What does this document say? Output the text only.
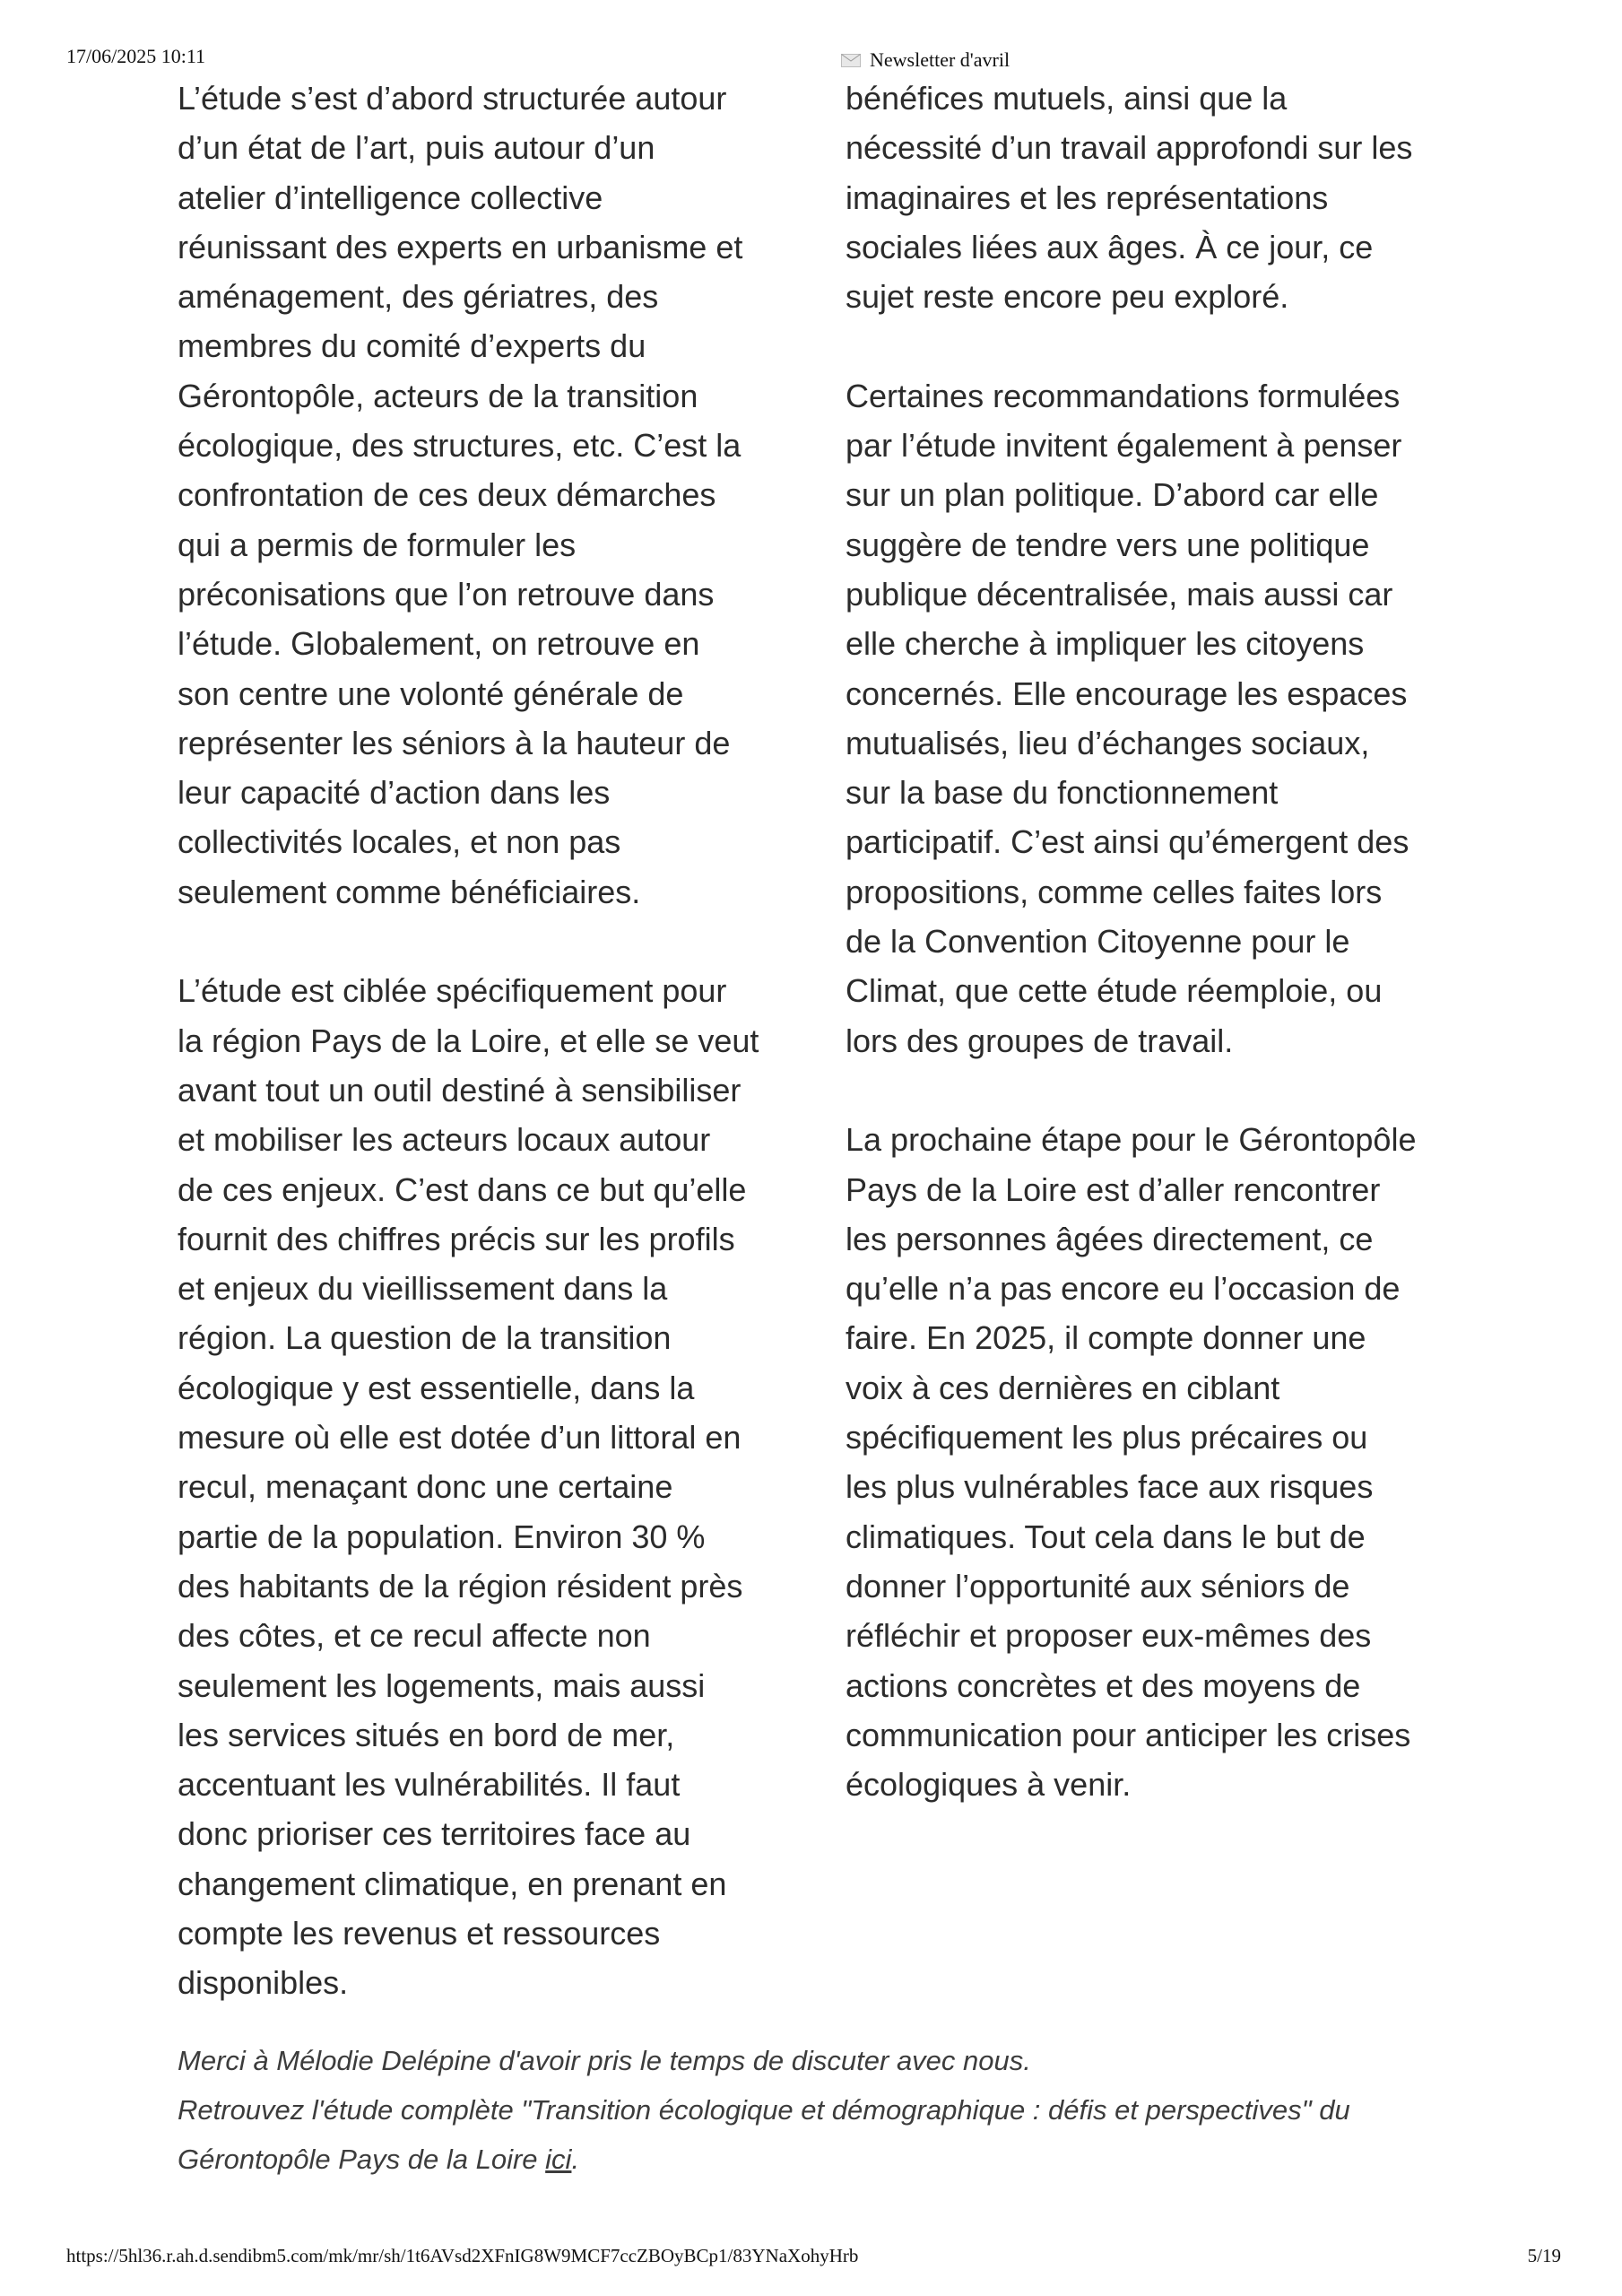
17/06/2025 10:11	Newsletter d'avril
L’étude s’est d’abord structurée autour
d’un état de l’art, puis autour d’un
atelier d’intelligence collective
réunissant des experts en urbanisme et
aménagement, des gériatres, des
membres du comité d’experts du
Gérontopôle, acteurs de la transition
écologique, des structures, etc. C’est la
confrontation de ces deux démarches
qui a permis de formuler les
préconisations que l’on retrouve dans
l’étude. Globalement, on retrouve en
son centre une volonté générale de
représenter les séniors à la hauteur de
leur capacité d’action dans les
collectivités locales, et non pas
seulement comme bénéficiaires.
L’étude est ciblée spécifiquement pour
la région Pays de la Loire, et elle se veut
avant tout un outil destiné à sensibiliser
et mobiliser les acteurs locaux autour
de ces enjeux. C’est dans ce but qu’elle
fournit des chiffres précis sur les profils
et enjeux du vieillissement dans la
région. La question de la transition
écologique y est essentielle, dans la
mesure où elle est dotée d’un littoral en
recul, menaçant donc une certaine
partie de la population. Environ 30 %
des habitants de la région résident près
des côtes, et ce recul affecte non
seulement les logements, mais aussi
les services situés en bord de mer,
accentuant les vulnérabilités. Il faut
donc prioriser ces territoires face au
changement climatique, en prenant en
compte les revenus et ressources
disponibles.
bénéfices mutuels, ainsi que la
nécessité d’un travail approfondi sur les
imaginaires et les représentations
sociales liées aux âges. À ce jour, ce
sujet reste encore peu exploré.
Certaines recommandations formulées
par l’étude invitent également à penser
sur un plan politique. D’abord car elle
suggère de tendre vers une politique
publique décentralisée, mais aussi car
elle cherche à impliquer les citoyens
concernés. Elle encourage les espaces
mutualisés, lieu d’échanges sociaux,
sur la base du fonctionnement
participatif. C’est ainsi qu’émergent des
propositions, comme celles faites lors
de la Convention Citoyenne pour le
Climat, que cette étude réemploie, ou
lors des groupes de travail.
La prochaine étape pour le Gérontopôle
Pays de la Loire est d’aller rencontrer
les personnes âgées directement, ce
qu’elle n’a pas encore eu l’occasion de
faire. En 2025, il compte donner une
voix à ces dernières en ciblant
spécifiquement les plus précaires ou
les plus vulnérables face aux risques
climatiques. Tout cela dans le but de
donner l’opportunité aux séniors de
réfléchir et proposer eux-mêmes des
actions concrètes et des moyens de
communication pour anticiper les crises
écologiques à venir.
Merci à Mélodie Delépine d'avoir pris le temps de discuter avec nous.
Retrouvez l'étude complète "Transition écologique et démographique : défis et perspectives" du
Gérontopôle Pays de la Loire ici.
https://5hl36.r.ah.d.sendibm5.com/mk/mr/sh/1t6AVsd2XFnIG8W9MCF7ccZBOyBCp1/83YNaXohyHrb	5/19
